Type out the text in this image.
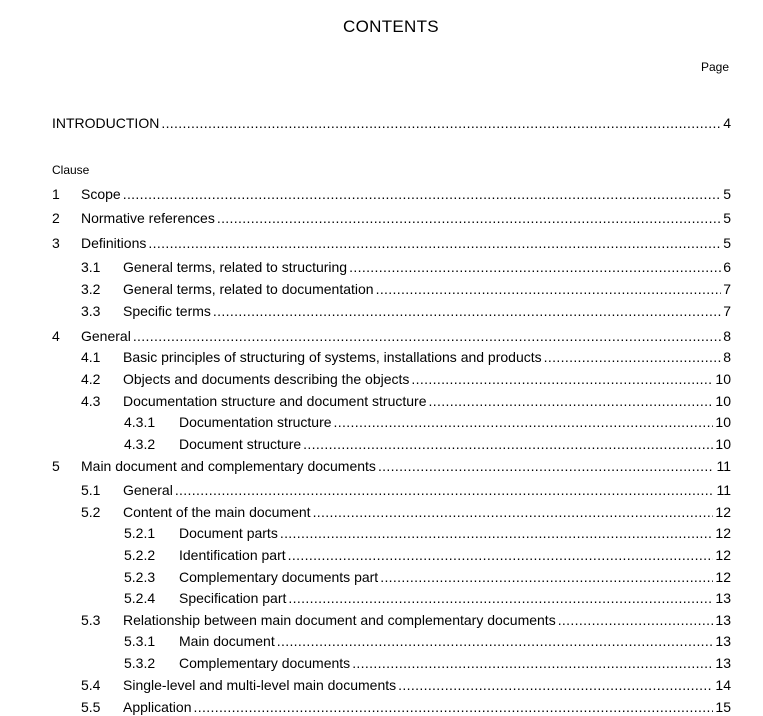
CONTENTS
Page
INTRODUCTION .....	4
Clause
1	Scope .....	5
2	Normative references .....	5
3	Definitions .....	5
3.1	General terms, related to structuring .....	6
3.2	General terms, related to documentation .....	7
3.3	Specific terms .....	7
4	General .....	8
4.1	Basic principles of structuring of systems, installations and products .....	8
4.2	Objects and documents describing the objects .....	10
4.3	Documentation structure and document structure .....	10
4.3.1	Documentation structure .....	10
4.3.2	Document structure .....	10
5	Main document and complementary documents .....	11
5.1	General .....	11
5.2	Content of the main document .....	12
5.2.1	Document parts .....	12
5.2.2	Identification part .....	12
5.2.3	Complementary documents part .....	12
5.2.4	Specification part .....	13
5.3	Relationship between main document and complementary documents .....	13
5.3.1	Main document .....	13
5.3.2	Complementary documents .....	13
5.4	Single-level and multi-level main documents .....	14
5.5	Application .....	15
